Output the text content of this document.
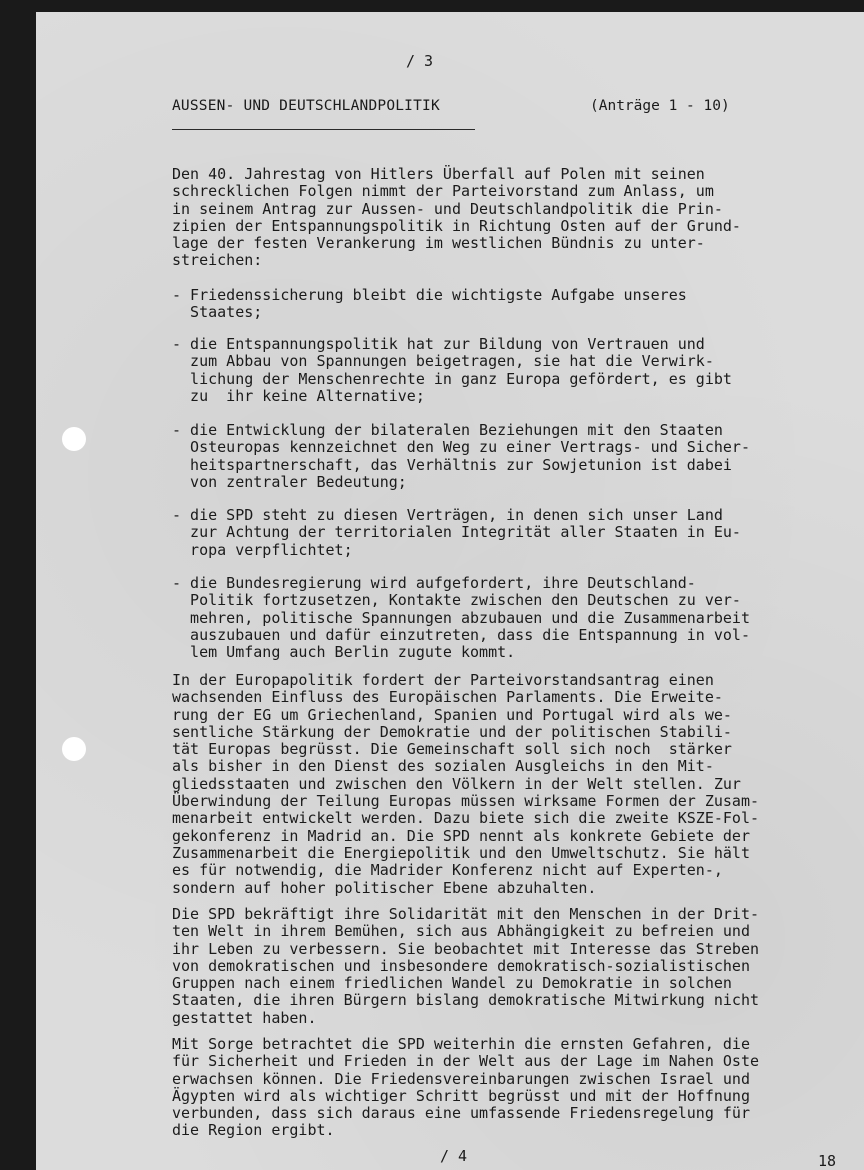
/ 3
AUSSEN- UND DEUTSCHLANDPOLITIK	(Anträge 1 - 10)
Den 40. Jahrestag von Hitlers Überfall auf Polen mit seinen
schrecklichen Folgen nimmt der Parteivorstand zum Anlass, um
in seinem Antrag zur Aussen- und Deutschlandpolitik die Prin-
zipien der Entspannungspolitik in Richtung Osten auf der Grund-
lage der festen Verankerung im westlichen Bündnis zu unter-
streichen:
- Friedenssicherung bleibt die wichtigste Aufgabe unseres
Staates;
- die Entspannungspolitik hat zur Bildung von Vertrauen und
zum Abbau von Spannungen beigetragen, sie hat die Verwirk-
lichung der Menschenrechte in ganz Europa gefördert, es gibt
zu  ihr keine Alternative;
- die Entwicklung der bilateralen Beziehungen mit den Staaten
Osteuropas kennzeichnet den Weg zu einer Vertrags- und Sicher-
heitspartnerschaft, das Verhältnis zur Sowjetunion ist dabei
von zentraler Bedeutung;
- die SPD steht zu diesen Verträgen, in denen sich unser Land
zur Achtung der territorialen Integrität aller Staaten in Eu-
ropa verpflichtet;
- die Bundesregierung wird aufgefordert, ihre Deutschland-
Politik fortzusetzen, Kontakte zwischen den Deutschen zu ver-
mehren, politische Spannungen abzubauen und die Zusammenarbeit
auszubauen und dafür einzutreten, dass die Entspannung in vol-
lem Umfang auch Berlin zugute kommt.
In der Europapolitik fordert der Parteivorstandsantrag einen
wachsenden Einfluss des Europäischen Parlaments. Die Erweite-
rung der EG um Griechenland, Spanien und Portugal wird als we-
sentliche Stärkung der Demokratie und der politischen Stabili-
tät Europas begrüsst. Die Gemeinschaft soll sich noch  stärker
als bisher in den Dienst des sozialen Ausgleichs in den Mit-
gliedsstaaten und zwischen den Völkern in der Welt stellen. Zur
Überwindung der Teilung Europas müssen wirksame Formen der Zusam-
menarbeit entwickelt werden. Dazu biete sich die zweite KSZE-Fol-
gekonferenz in Madrid an. Die SPD nennt als konkrete Gebiete der
Zusammenarbeit die Energiepolitik und den Umweltschutz. Sie hält
es für notwendig, die Madrider Konferenz nicht auf Experten-,
sondern auf hoher politischer Ebene abzuhalten.
Die SPD bekräftigt ihre Solidarität mit den Menschen in der Drit-
ten Welt in ihrem Bemühen, sich aus Abhängigkeit zu befreien und
ihr Leben zu verbessern. Sie beobachtet mit Interesse das Streben
von demokratischen und insbesondere demokratisch-sozialistischen
Gruppen nach einem friedlichen Wandel zu Demokratie in solchen
Staaten, die ihren Bürgern bislang demokratische Mitwirkung nicht
gestattet haben.
Mit Sorge betrachtet die SPD weiterhin die ernsten Gefahren, die
für Sicherheit und Frieden in der Welt aus der Lage im Nahen Oste
erwachsen können. Die Friedensvereinbarungen zwischen Israel und
Ägypten wird als wichtiger Schritt begrüsst und mit der Hoffnung
verbunden, dass sich daraus eine umfassende Friedensregelung für
die Region ergibt.
/ 4	18
